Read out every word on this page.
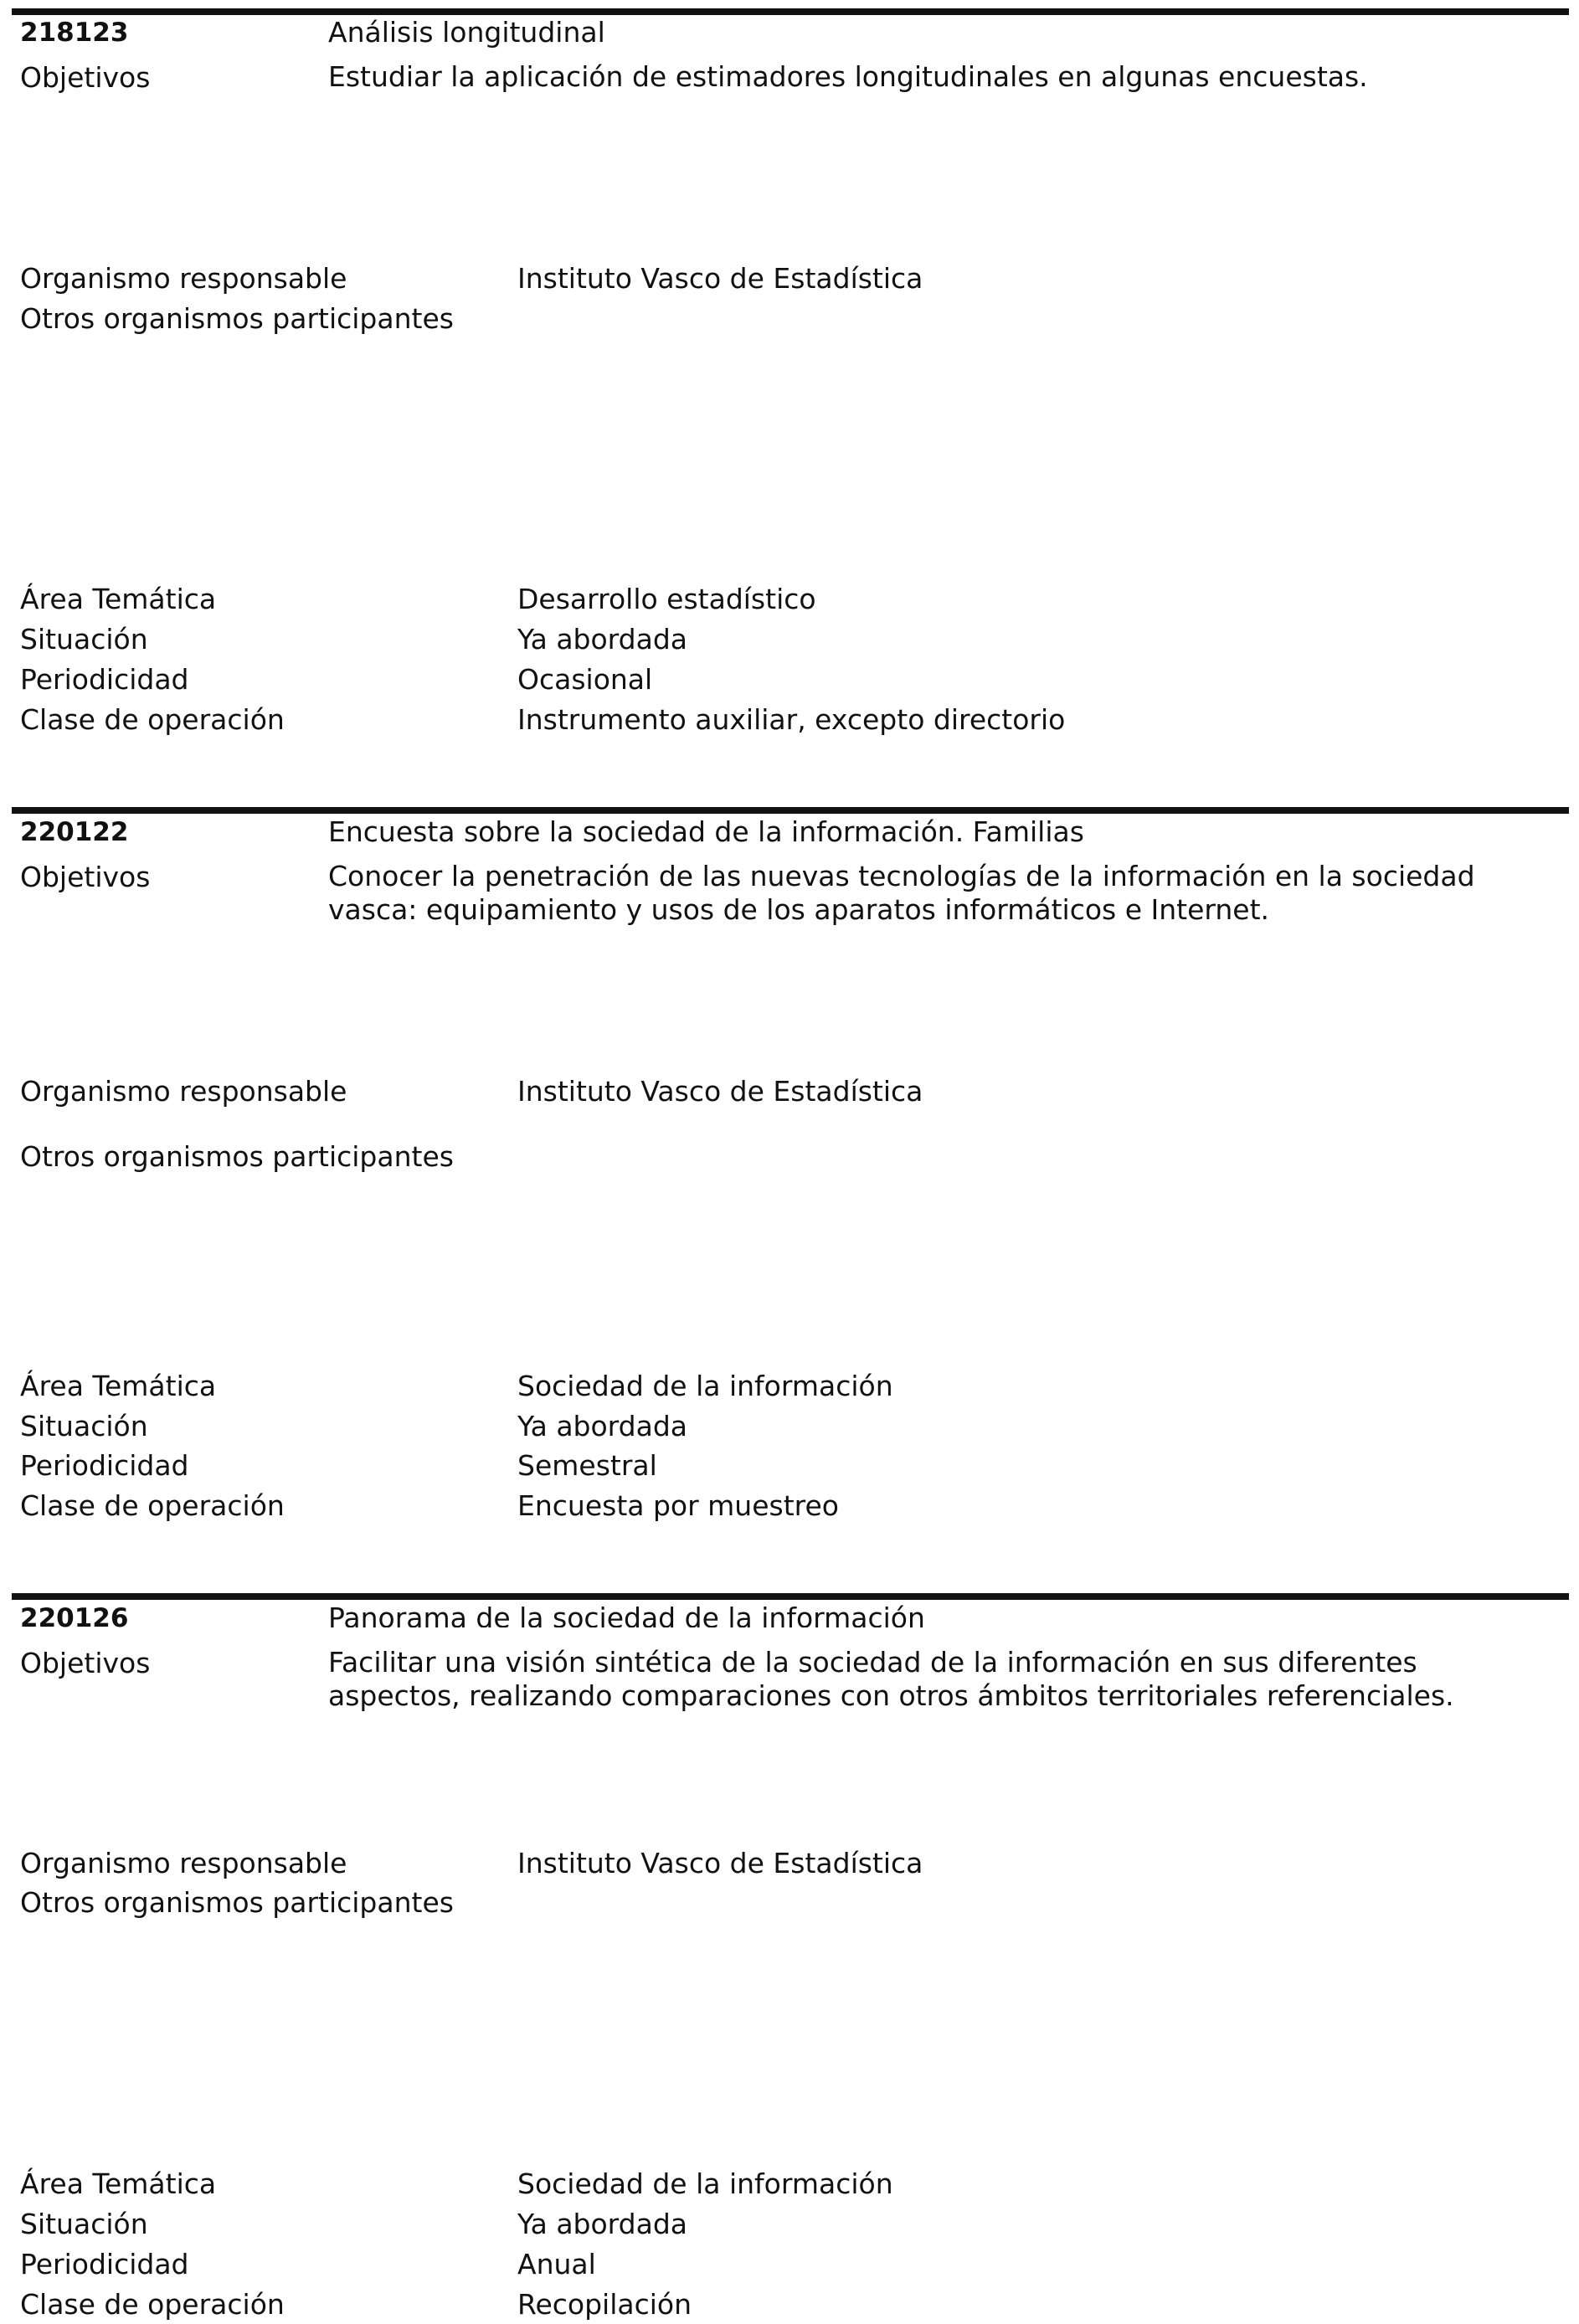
218123	Análisis longitudinal
Objetivos	Estudiar la aplicación de estimadores longitudinales en algunas encuestas.
Organismo responsable	Instituto Vasco de Estadística
Otros organismos participantes
Área Temática	Desarrollo estadístico
Situación	Ya abordada
Periodicidad	Ocasional
Clase de operación	Instrumento auxiliar, excepto directorio
220122	Encuesta sobre la sociedad de la información. Familias
Objetivos	Conocer la penetración de las nuevas tecnologías de la información en la sociedad vasca: equipamiento y usos de los aparatos informáticos e Internet.
Organismo responsable	Instituto Vasco de Estadística
Otros organismos participantes
Área Temática	Sociedad de la información
Situación	Ya abordada
Periodicidad	Semestral
Clase de operación	Encuesta por muestreo
220126	Panorama de la sociedad de la información
Objetivos	Facilitar una visión sintética de la sociedad de la información en sus diferentes aspectos, realizando comparaciones con otros ámbitos territoriales referenciales.
Organismo responsable	Instituto Vasco de Estadística
Otros organismos participantes
Área Temática	Sociedad de la información
Situación	Ya abordada
Periodicidad	Anual
Clase de operación	Recopilación
